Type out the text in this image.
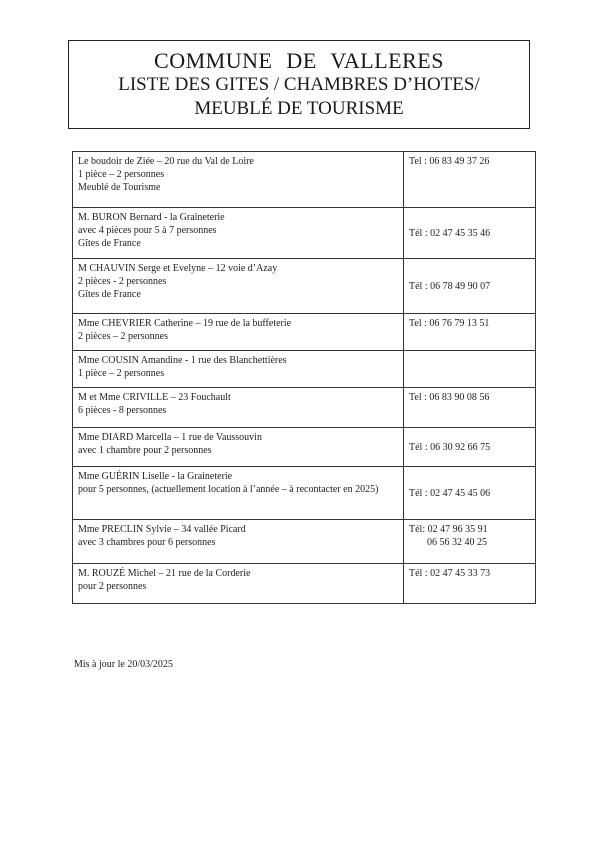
COMMUNE DE VALLERES
LISTE DES GITES / CHAMBRES D’HOTES/
MEUBLÉ DE TOURISME
Le boudoir de Ziée – 20 rue du Val de Loire
1 pièce – 2 personnes
Meublé de Tourisme	Tel : 06 83 49 37 26

M. BURON Bernard - la Graineterie
avec 4 pièces pour 5 à 7 personnes
Gîtes de France	Tél : 02 47 45 35 46

M CHAUVIN Serge et Evelyne – 12 voie d’Azay
2 pièces - 2 personnes
Gîtes de France	Tél : 06 78 49 90 07

Mme CHEVRIER Catherine – 19 rue de la buffeterie
2 pièces – 2 personnes	Tel : 06 76 79 13 51

Mme COUSIN Amandine - 1 rue des Blanchettières
1 pièce – 2 personnes	

M et Mme CRIVILLE – 23 Fouchault
6 pièces - 8 personnes	Tel : 06 83 90 08 56

Mme DIARD Marcella – 1 rue de Vaussouvin
avec 1 chambre pour 2 personnes	Tél : 06 30 92 66 75

Mme GUÉRIN Liselle - la Graineterie
pour 5 personnes, (actuellement location à l’année – à recontacter en 2025)	Tél : 02 47 45 45 06

Mme PRECLIN Sylvie – 34 vallée Picard
avec 3 chambres pour 6 personnes	Tél: 02 47 96 35 91
06 56 32 40 25

M. ROUZÉ Michel – 21 rue de la Corderie
pour 2 personnes	Tél : 02 47 45 33 73
Mis à jour le 20/03/2025
